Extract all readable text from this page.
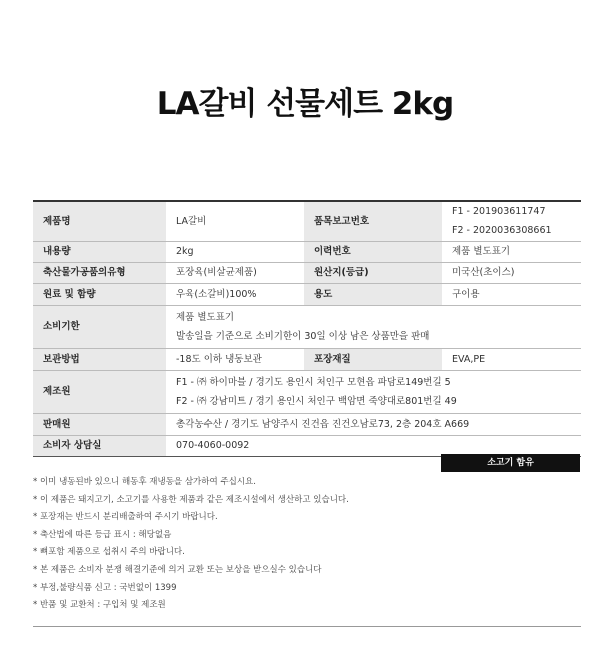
LA갈비 선물세트 2kg
제품명	LA갈비	품목보고번호	F1 - 201903611747
F2 - 2020036308661

내용량	2kg	이력번호	제품 별도표기
축산물가공품의유형	포장육(비살균제품)	원산지(등급)	미국산(초이스)
원료 및 함량	우육(소갈비)100%	용도	구이용
소비기한	제품 별도표기
발송일을 기준으로 소비기한이 30일 이상 남은 상품만을 판매		

보관방법	-18도 이하 냉동보관	포장재질	EVA,PE
제조원	F1 - ㈜ 하이마블 / 경기도 용인시 처인구 모현읍 파담로149번길 5
F2 - ㈜ 강남미트 / 경기 용인시 처인구 백암면 죽양대로801번길 49		

판매원	총각농수산 / 경기도 남양주시 진건읍 진건오남로73, 2층 204호 A669		
소비자 상담실	070-4060-0092		
소고기 함유
* 이미 냉동된바 있으니 해동후 재냉동을 삼가하여 주십시요.
* 이 제품은 돼지고기, 소고기를 사용한 제품과 같은 제조시설에서 생산하고 있습니다.
* 포장재는 반드시 분리배출하여 주시기 바랍니다.
* 축산법에 따른 등급 표시 : 해당없음
* 뼈포함 제품으로 섭취시 주의 바랍니다.
* 본 제품은 소비자 분쟁 해결기준에 의거 교환 또는 보상을 받으실수 있습니다
* 부정,불량식품 신고 : 국번없이 1399
* 반품 및 교환처 : 구입처 및 제조원
